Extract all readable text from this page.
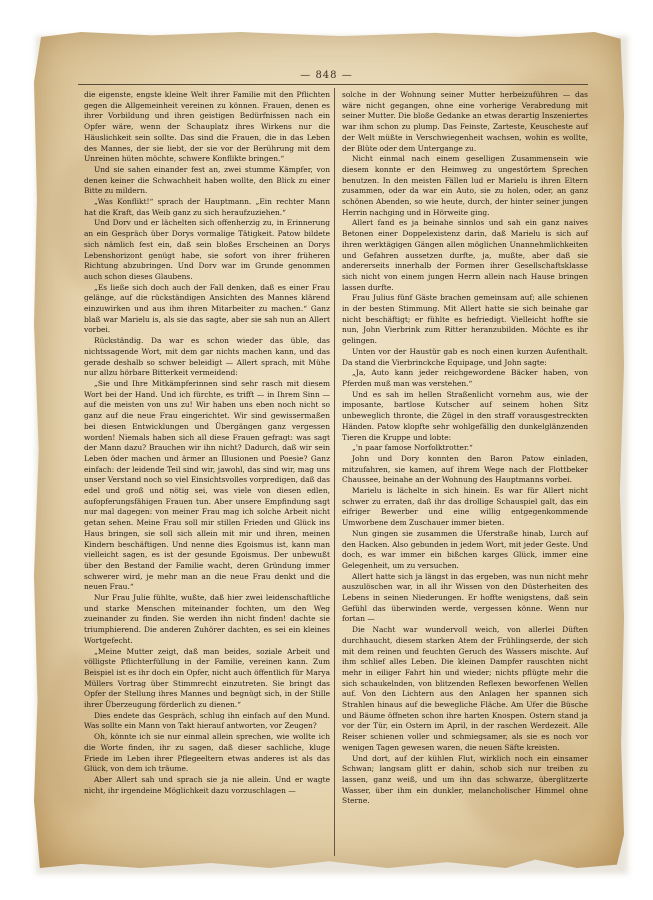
— 848 —

die eigenste, engste kleine Welt ihrer Familie mit den Pflichten gegen die Allgemeinheit vereinen zu können. Frauen, denen es ihrer Vorbildung und ihren geistigen Bedürfnissen nach ein Opfer wäre, wenn der Schauplatz ihres Wirkens nur die Häuslichkeit sein sollte. Das sind die Frauen, die in das Leben des Mannes, der sie liebt, der sie vor der Berührung mit dem Unreinen hüten möchte, schwere Konflikte bringen.“

Und sie sahen einander fest an, zwei stumme Kämpfer, von denen keiner die Schwachheit haben wollte, den Blick zu einer Bitte zu mildern.

„Was Konflikt!“ sprach der Hauptmann. „Ein rechter Mann hat die Kraft, das Weib ganz zu sich heraufzuziehen.“

Und Dorv und er lächelten sich offenherzig zu, in Erinnerung an ein Gespräch über Dorys vormalige Tätigkeit. Patow bildete sich nämlich fest ein, daß sein bloßes Erscheinen an Dorys Lebenshorizont genügt habe, sie sofort von ihrer früheren Richtung abzubringen. Und Dorv war im Grunde genommen auch schon dieses Glaubens.

„Es ließe sich doch auch der Fall denken, daß es einer Frau gelänge, auf die rückständigen Ansichten des Mannes klärend einzuwirken und aus ihm ihren Mitarbeiter zu machen.“ Ganz blaß war Marielu is, als sie das sagte, aber sie sah nun an Allert vorbei.

Rückständig. Da war es schon wieder das üble, das nichtssagende Wort, mit dem gar nichts machen kann, und das gerade deshalb so schwer beleidigt — Allert sprach, mit Mühe nur allzu hörbare Bitterkeit vermeidend:

„Sie und Ihre Mitkämpferinnen sind sehr rasch mit diesem Wort bei der Hand. Und ich fürchte, es trifft — in Ihrem Sinn — auf die meisten von uns zu! Wir haben uns eben noch nicht so ganz auf die neue Frau eingerichtet. Wir sind gewissermaßen bei diesen Entwicklungen und Übergängen ganz vergessen worden! Niemals haben sich all diese Frauen gefragt: was sagt der Mann dazu? Brauchen wir ihn nicht? Dadurch, daß wir sein Leben öder machen und ärmer an Illusionen und Poesie? Ganz einfach: der leidende Teil sind wir, jawohl, das sind wir, mag uns unser Verstand noch so viel Einsichtsvolles vorpredigen, daß das edel und groß und nötig sei, was viele von diesen edlen, aufopferungsfähigen Frauen tun. Aber unsere Empfindung sagt nur mal dagegen: von meiner Frau mag ich solche Arbeit nicht getan sehen. Meine Frau soll mir stillen Frieden und Glück ins Haus bringen, sie soll sich allein mit mir und ihren, meinen Kindern beschäftigen. Und nenne dies Egoismus ist, kann man vielleicht sagen, es ist der gesunde Egoismus. Der unbewußt über den Bestand der Familie wacht, deren Gründung immer schwerer wird, je mehr man an die neue Frau denkt und die neuen Frau.“

Nur Frau Julie fühlte, wußte, daß hier zwei leidenschaftliche und starke Menschen miteinander fochten, um den Weg zueinander zu finden. Sie werden ihn nicht finden! dachte sie triumphierend. Die anderen Zuhörer dachten, es sei ein kleines Wortgefecht.

„Meine Mutter zeigt, daß man beides, soziale Arbeit und völligste Pflichterfüllung in der Familie, vereinen kann. Zum Beispiel ist es ihr doch ein Opfer, nicht auch öffentlich für Marya Müllers Vortrag über Stimmrecht einzutreten. Sie bringt das Opfer der Stellung ihres Mannes und begnügt sich, in der Stille ihrer Überzeugung förderlich zu dienen.“

Dies endete das Gespräch, schlug ihn einfach auf den Mund. Was sollte ein Mann von Takt hierauf antworten, vor Zeugen?

Oh, könnte ich sie nur einmal allein sprechen, wie wollte ich die Worte finden, ihr zu sagen, daß dieser sachliche, kluge Friede im Leben ihrer Pflegeeltern etwas anderes ist als das Glück, von dem ich träume.

Aber Allert sah und sprach sie ja nie allein. Und er wagte nicht, ihr irgendeine Möglichkeit dazu vorzuschlagen —

solche in der Wohnung seiner Mutter herbeizuführen — das wäre nicht gegangen, ohne eine vorherige Verabredung mit seiner Mutter. Die bloße Gedanke an etwas derartig Inszeniertes war ihm schon zu plump. Das Feinste, Zarteste, Keuscheste auf der Welt müßte in Verschwiegenheit wachsen, wohin es wollte, der Blüte oder dem Untergange zu.

Nicht einmal nach einem geselligen Zusammensein wie diesem konnte er den Heimweg zu ungestörtem Sprechen benutzen. In den meisten Fällen lud er Marielu is ihren Eltern zusammen, oder da war ein Auto, sie zu holen, oder, an ganz schönen Abenden, so wie heute, durch, der hinter seiner jungen Herrin nachging und in Hörweite ging.

Allert fand es ja beinahe sinnlos und sah ein ganz naives Betonen einer Doppelexistenz darin, daß Marielu is sich auf ihren werktägigen Gängen allen möglichen Unannehmlichkeiten und Gefahren aussetzen durfte, ja, mußte, aber daß sie andererseits innerhalb der Formen ihrer Gesellschaftsklasse sich nicht von einem jungen Herrn allein nach Hause bringen lassen durfte.

Frau Julius fünf Gäste brachen gemeinsam auf; alle schienen in der besten Stimmung. Mit Allert hatte sie sich beinahe gar nicht beschäftigt; er fühlte es befriedigt. Vielleicht hoffte sie nun, John Vierbrink zum Ritter heranzubilden. Möchte es ihr gelingen.

Unten vor der Haustür gab es noch einen kurzen Aufenthalt. Da stand die Vierbrinckche Equipage, und John sagte:

„Ja, Auto kann jeder reichgewordene Bäcker haben, von Pferden muß man was verstehen.“

Und es sah im hellen Straßenlicht vornehm aus, wie der imposante, bartlose Kutscher auf seinem hohen Sitz unbeweglich thronte, die Zügel in den straff vorausgestreckten Händen. Patow klopfte sehr wohlgefällig den dunkelglänzenden Tieren die Kruppe und lobte:

„'n paar famose Norfolktrotter.“

John und Dory konnten den Baron Patow einladen, mitzufahren, sie kamen, auf ihrem Wege nach der Flottbeker Chaussee, beinahe an der Wohnung des Hauptmanns vorbei.

Marielu is lächelte in sich hinein. Es war für Allert nicht schwer zu erraten, daß ihr das drollige Schauspiel galt, das ein eifriger Bewerber und eine willig entgegenkommende Umworbene dem Zuschauer immer bieten.

Nun gingen sie zusammen die Uferstraße hinab, Lurch auf den Hacken. Also gebunden in jedem Wort, mit jeder Geste. Und doch, es war immer ein bißchen karges Glück, immer eine Gelegenheit, um zu versuchen.

Allert hatte sich ja längst in das ergeben, was nun nicht mehr auszulöschen war, in all ihr Wissen von den Düsterheiten des Lebens in seinen Niederungen. Er hoffte wenigstens, daß sein Gefühl das überwinden werde, vergessen könne. Wenn nur fortan —

Die Nacht war wundervoll weich, von allerlei Düften durchhaucht, diesem starken Atem der Frühlingserde, der sich mit dem reinen und feuchten Geruch des Wassers mischte. Auf ihm schlief alles Leben. Die kleinen Dampfer rauschten nicht mehr in eiliger Fahrt hin und wieder; nichts pflügte mehr die sich schaukelnden, von blitzenden Reflexen beworfenen Wellen auf. Von den Lichtern aus den Anlagen her spannen sich Strahlen hinaus auf die bewegliche Fläche. Am Ufer die Büsche und Bäume öffneten schon ihre harten Knospen. Ostern stand ja vor der Tür, ein Ostern im April, in der raschen Werdezeit. Alle Reiser schienen voller und schmiegsamer, als sie es noch vor wenigen Tagen gewesen waren, die neuen Säfte kreisten.

Und dort, auf der kühlen Flut, wirklich noch ein einsamer Schwan; langsam glitt er dahin, schob sich nur treiben zu lassen, ganz weiß, und um ihn das schwarze, überglitzerte Wasser, über ihm ein dunkler, melancholischer Himmel ohne Sterne.
